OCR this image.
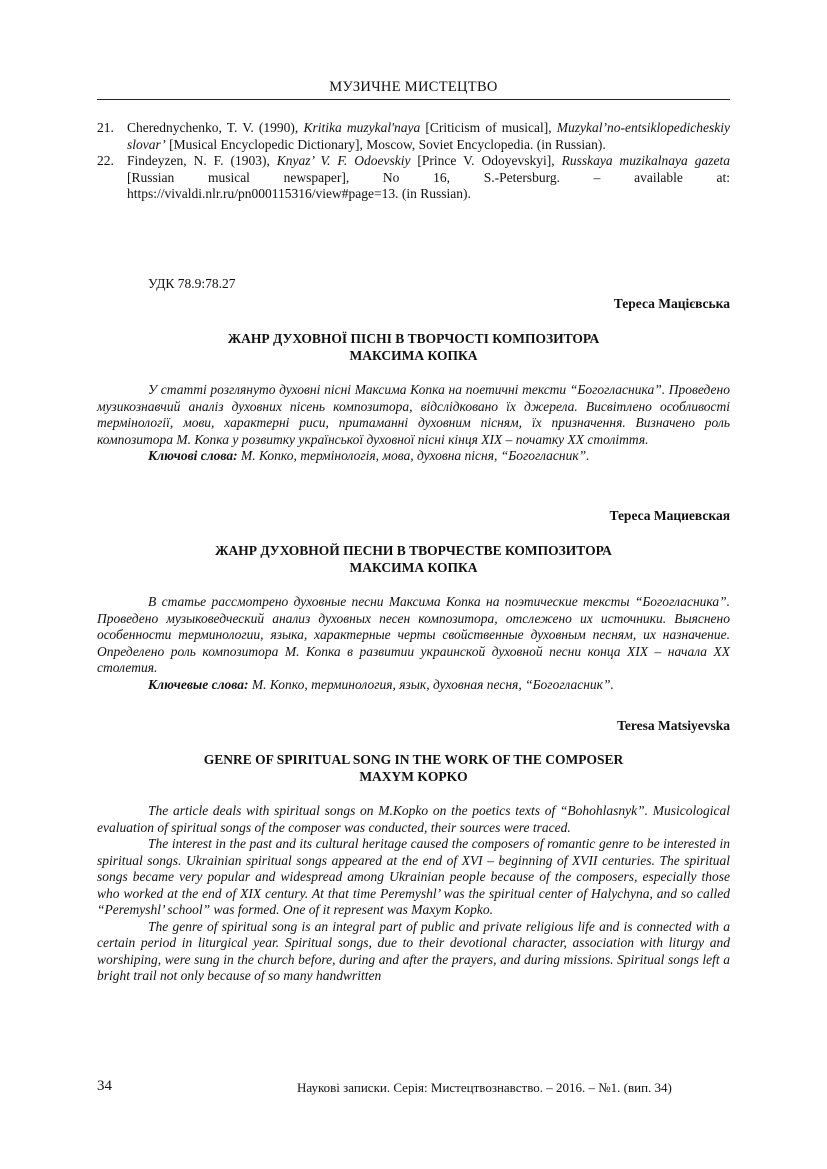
МУЗИЧНЕ МИСТЕЦТВО
21. Cherednychenko, T. V. (1990), Kritika muzykal'naya [Criticism of musical], Muzykal’no-entsiklopedicheskiy slovar’ [Musical Encyclopedic Dictionary], Moscow, Soviet Encyclopedia. (in Russian).
22. Findeyzen, N. F. (1903), Knyaz’ V. F. Odoevskiy [Prince V. Odoyevskyi], Russkaya muzikalnaya gazeta [Russian musical newspaper], No 16, S.-Petersburg. – available at: https://vivaldi.nlr.ru/pn000115316/view#page=13. (in Russian).
УДК 78.9:78.27
Тереса Мацієвська
ЖАНР ДУХОВНОЇ ПІСНІ В ТВОРЧОСТІ КОМПОЗИТОРА
МАКСИМА КОПКА

У статті розглянуто духовні пісні Максима Копка на поетичні тексти “Богогласника”. Проведено музикознавчий аналіз духовних пісень композитора, відслідковано їх джерела. Висвітлено особливості термінології, мови, характерні риси, притаманні духовним пісням, їх призначення. Визначено роль композитора М. Копка у розвитку української духовної пісні кінця XIX – початку XX століття.

Ключові слова: М. Копко, термінологія, мова, духовна пісня, “Богогласник”.

Тереса Мациевская
ЖАНР ДУХОВНОЙ ПЕСНИ В ТВОРЧЕСТВЕ КОМПОЗИТОРА
МАКСИМА КОПКА

В статье рассмотрено духовные песни Максима Копка на поэтические тексты “Богогласника”. Проведено музыковедческий анализ духовных песен композитора, отслежено их источники. Выяснено особенности терминологии, языка, характерные черты свойственные духовным песням, их назначение. Определено роль композитора М. Копка в развитии украинской духовной песни конца XIX – начала XX столетия.

Ключевые слова: М. Копко, терминология, язык, духовная песня, “Богогласник”.

Teresa Matsiyevska
GENRE OF SPIRITUAL SONG IN THE WORK OF THE COMPOSER
MAXYM KOPKO

The article deals with spiritual songs on M.Kopko on the poetics texts of “Bohohlasnyk”. Musicological evaluation of spiritual songs of the composer was conducted, their sources were traced.

The interest in the past and its cultural heritage caused the composers of romantic genre to be interested in spiritual songs. Ukrainian spiritual songs appeared at the end of XVI – beginning of XVII centuries. The spiritual songs became very popular and widespread among Ukrainian people because of the composers, especially those who worked at the end of XIX century. At that time Peremyshl’ was the spiritual center of Halychyna, and so called “Peremyshl’ school” was formed. One of it represent was Maxym Kopko.

The genre of spiritual song is an integral part of public and private religious life and is connected with a certain period in liturgical year. Spiritual songs, due to their devotional character, association with liturgy and worshiping, were sung in the church before, during and after the prayers, and during missions. Spiritual songs left a bright trail not only because of so many handwritten

34	Наукові записки. Серія: Мистецтвознавство. – 2016. – №1. (вип. 34)
